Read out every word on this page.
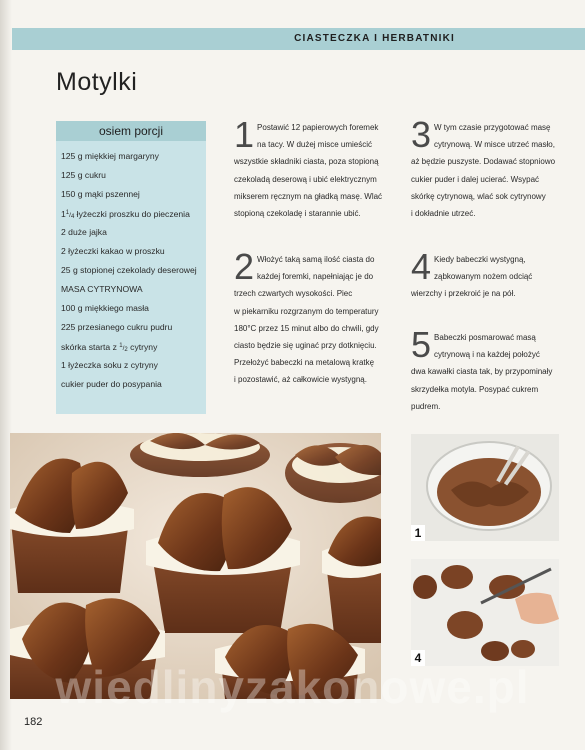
CIASTECZKA I HERBATNIKI
Motylki
osiem porcji
125 g miękkiej margaryny
125 g cukru
150 g mąki pszennej
$1^1/_4$ łyżeczki proszku do pieczenia
2 duże jajka
2 łyżeczki kakao w proszku
25 g stopionej czekolady deserowej
MASA CYTRYNOWA
100 g miękkiego masła
225 przesianego cukru pudru
skórka starta z $^1/_2$ cytryny
1 łyżeczka soku z cytryny
cukier puder do posypania
1 Postawić 12 papierowych foremek
na tacy. W dużej misce umieścić
wszystkie składniki ciasta, poza stopioną
czekoladą deserową i ubić elektrycznym
mikserem ręcznym na gładką masę. Wlać
stopioną czekoladę i starannie ubić.
2 Włożyć taką samą ilość ciasta do
każdej foremki, napełniając je do
trzech czwartych wysokości. Piec
w piekarniku rozgrzanym do temperatury
180°C przez 15 minut albo do chwili, gdy
ciasto będzie się uginać przy dotknięciu.
Przełożyć babeczki na metalową kratkę
i pozostawić, aż całkowicie wystygną.
3 W tym czasie przygotować masę
cytrynową. W misce utrzeć masło,
aż będzie puszyste. Dodawać stopniowo
cukier puder i dalej ucierać. Wsypać
skórkę cytrynową, wlać sok cytrynowy
i dokładnie utrzeć.
4 Kiedy babeczki wystygną,
ząbkowanym nożem odciąć
wierzchy i przekroić je na pół.
5 Babeczki posmarować masą
cytrynową i na każdej położyć
dwa kawałki ciasta tak, by przypominały
skrzydełka motyla. Posypać cukrem
pudrem.
1
4
wiedlinyzakonowe.pl
182
